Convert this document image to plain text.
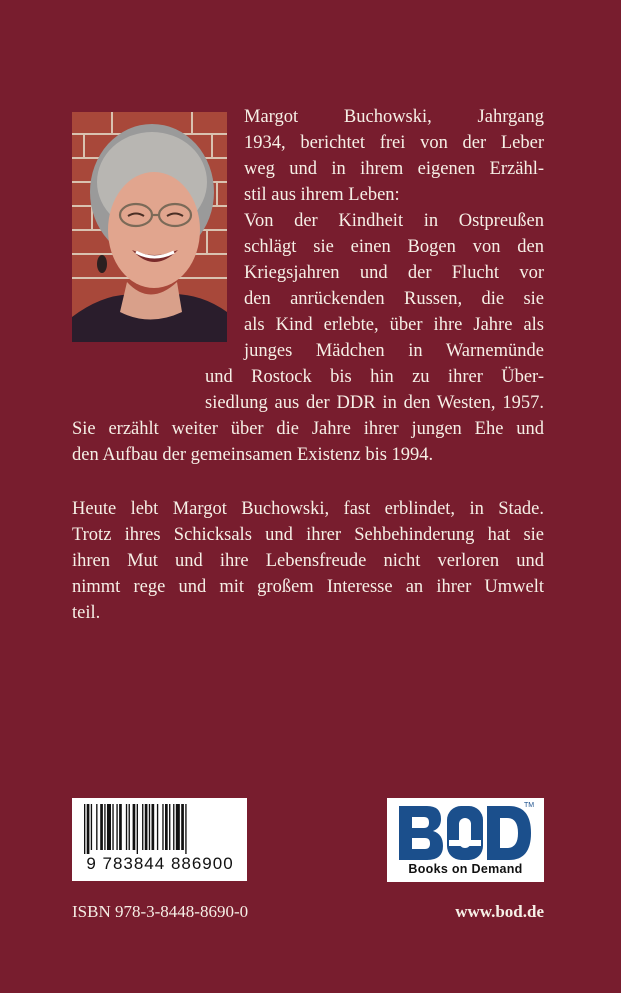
Margot Buchowski, Jahrgang
1934, berichtet frei von der Leber
weg und in ihrem eigenen Erzähl-
stil aus ihrem Leben:
Von der Kindheit in Ostpreußen
schlägt sie einen Bogen von den
Kriegsjahren und der Flucht vor
den anrückenden Russen, die sie
als Kind erlebte, über ihre Jahre als
junges Mädchen in Warnemünde
und Rostock bis hin zu ihrer Über-
siedlung aus der DDR in den Westen, 1957.
Sie erzählt weiter über die Jahre ihrer jungen Ehe und
den Aufbau der gemeinsamen Existenz bis 1994.
Heute lebt Margot Buchowski, fast erblindet, in Stade.
Trotz ihres Schicksals und ihrer Sehbehinderung hat sie
ihren Mut und ihre Lebensfreude nicht verloren und
nimmt rege und mit großem Interesse an ihrer Umwelt
teil.
9 783844 886900
TM
Books on Demand
ISBN 978-3-8448-8690-0	www.bod.de
